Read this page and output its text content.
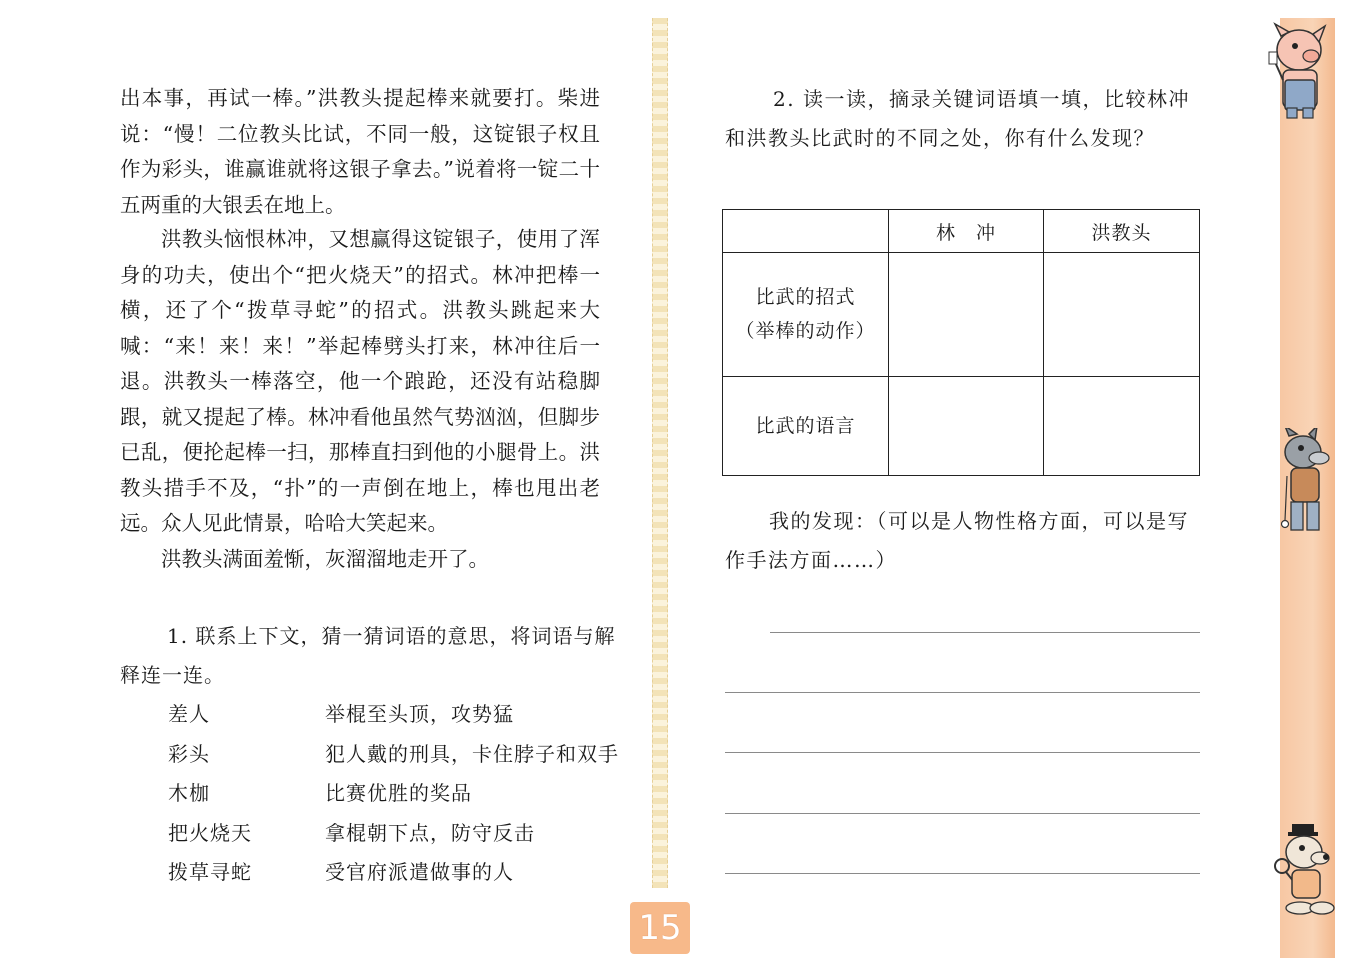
出本事，再试一棒。”洪教头提起棒来就要打。柴进说：“慢！二位教头比试，不同一般，这锭银子权且作为彩头，谁赢谁就将这银子拿去。”说着将一锭二十五两重的大银丢在地上。

洪教头恼恨林冲，又想赢得这锭银子，使用了浑身的功夫，使出个“把火烧天”的招式。林冲把棒一横，还了个“拨草寻蛇”的招式。洪教头跳起来大喊：“来！来！来！”举起棒劈头打来，林冲往后一退。洪教头一棒落空，他一个踉跄，还没有站稳脚跟，就又提起了棒。林冲看他虽然气势汹汹，但脚步已乱，便抡起棒一扫，那棒直扫到他的小腿骨上。洪教头措手不及，“扑”的一声倒在地上，棒也甩出老远。众人见此情景，哈哈大笑起来。

洪教头满面羞惭，灰溜溜地走开了。

1. 联系上下文，猜一猜词语的意思，将词语与解释连一连。

差人	举棍至头顶，攻势猛
彩头	犯人戴的刑具，卡住脖子和双手
木枷	比赛优胜的奖品
把火烧天	拿棍朝下点，防守反击
拨草寻蛇	受官府派遣做事的人
15

2. 读一读，摘录关键词语填一填，比较林冲和洪教头比武时的不同之处，你有什么发现？

	林　冲	洪教头

比武的招式
（举棒的动作）		

比武的语言		

我的发现：（可以是人物性格方面，可以是写作手法方面……）
